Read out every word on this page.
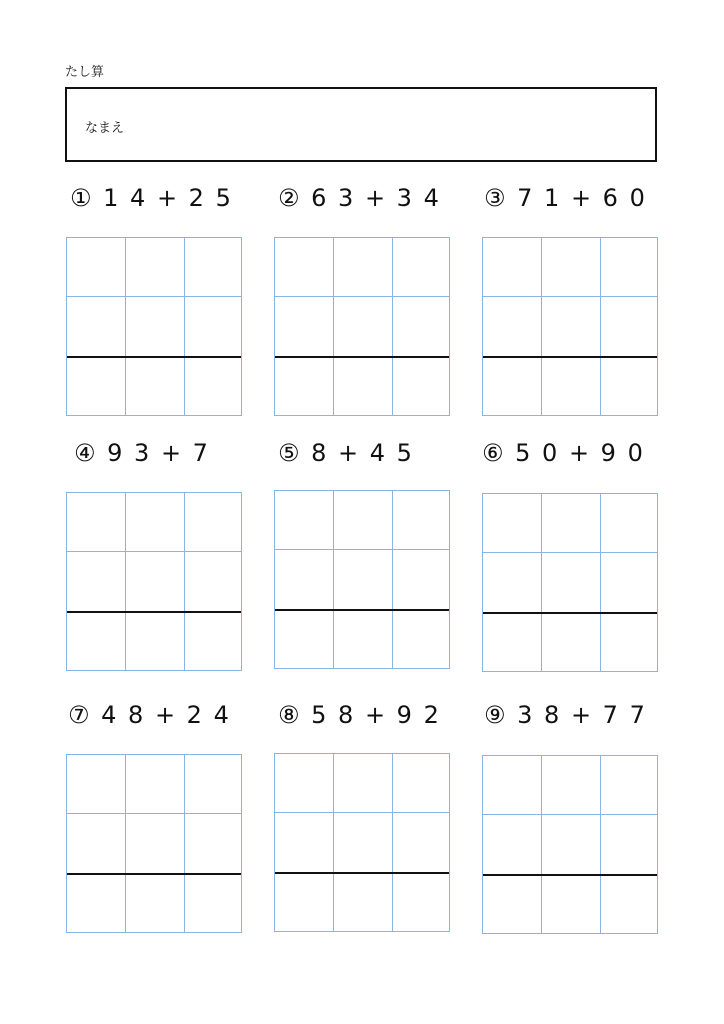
たし算
なまえ
① 1 4 + 2 5 ② 6 3 + 3 4 ③ 7 1 + 6 0
④ 9 3 + 7	⑤ 8 + 4 5	⑥ 5 0 + 9 0
⑦ 4 8 + 2 4 ⑧ 5 8 + 9 2 ⑨ 3 8 + 7 7
